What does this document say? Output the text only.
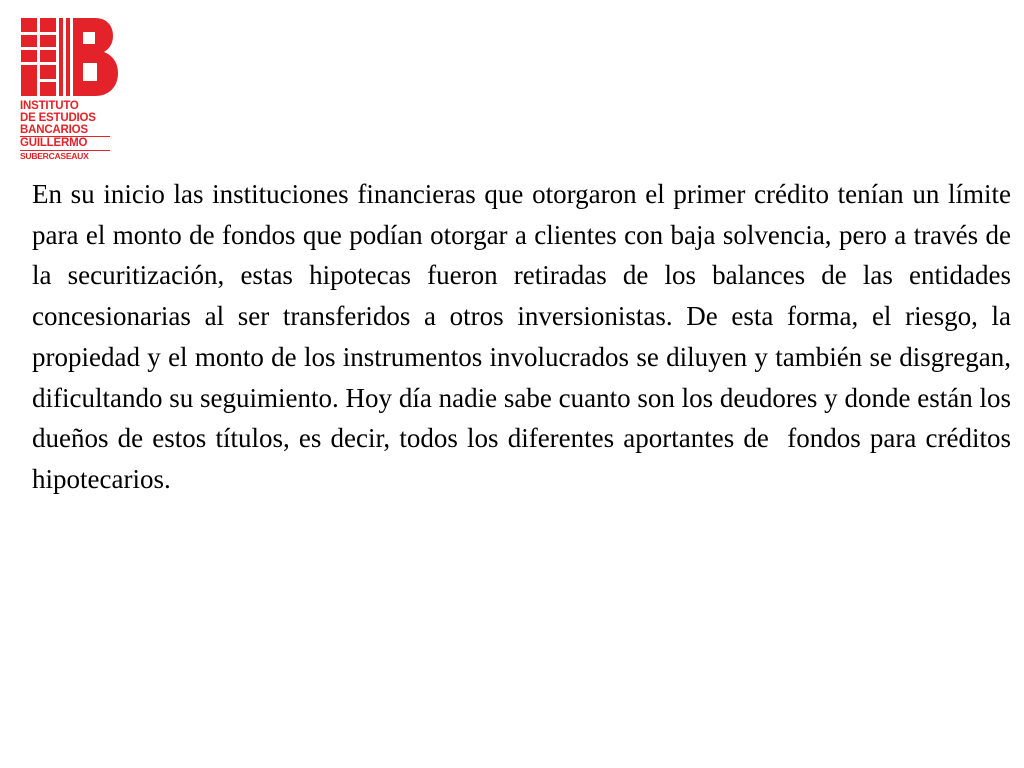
INSTITUTO
DE ESTUDIOS
BANCARIOS
GUILLERMO
SUBERCASEAUX

En su inicio las instituciones financieras que otorgaron el primer crédito tenían un límite para el monto de fondos que podían otorgar a clientes con baja solvencia, pero a través de la securitización, estas hipotecas fueron retiradas de los balances de las entidades concesionarias al ser transferidos a otros inversionistas. De esta forma, el riesgo, la propiedad y el monto de los instrumentos involucrados se diluyen y también se disgregan,  dificultando su seguimiento. Hoy día nadie sabe cuanto son los deudores y donde están los dueños de estos títulos, es decir, todos los diferentes aportantes de  fondos para créditos hipotecarios.
